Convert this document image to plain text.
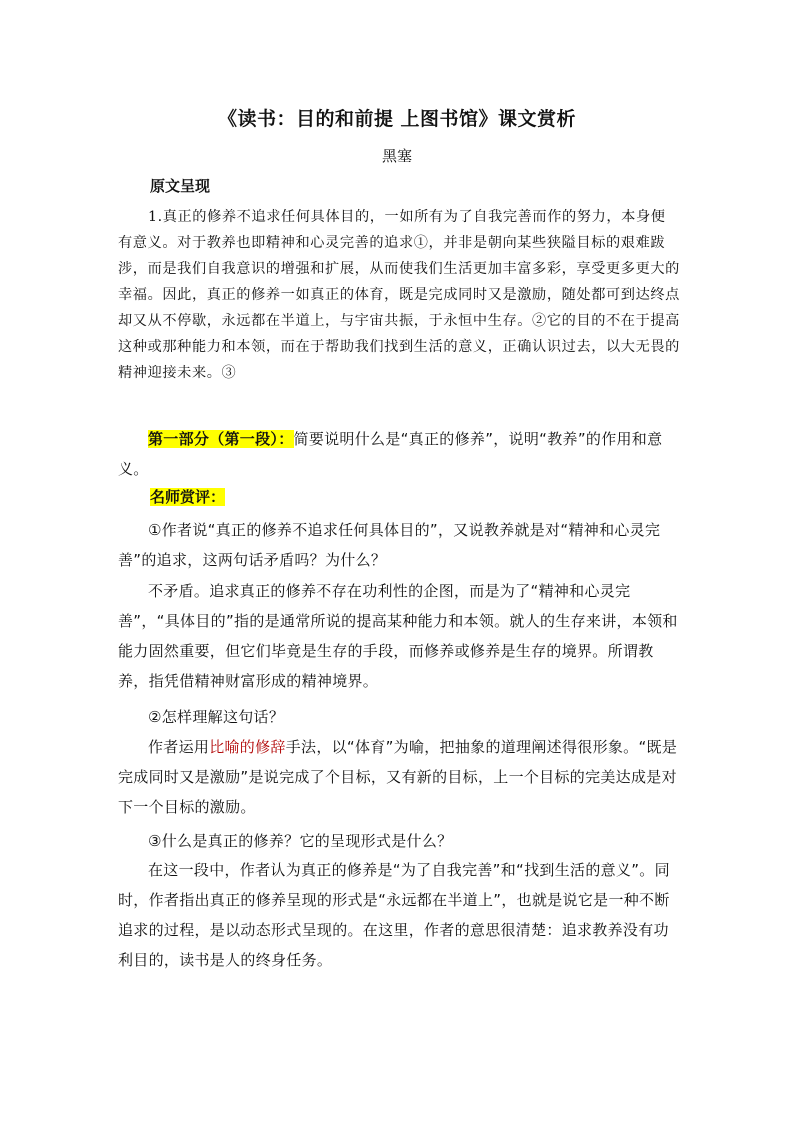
《读书：目的和前提 上图书馆》课文赏析
黑塞
原文呈现
1.真正的修养不追求任何具体目的，一如所有为了自我完善而作的努力，本身便有意义。对于教养也即精神和心灵完善的追求①，并非是朝向某些狭隘目标的艰难跋涉，而是我们自我意识的增强和扩展，从而使我们生活更加丰富多彩，享受更多更大的幸福。因此，真正的修养一如真正的体育，既是完成同时又是激励，随处都可到达终点却又从不停歇，永远都在半道上，与宇宙共振，于永恒中生存。②它的目的不在于提高这种或那种能力和本领，而在于帮助我们找到生活的意义，正确认识过去，以大无畏的精神迎接未来。③
第一部分（第一段）：简要说明什么是“真正的修养”，说明“教养”的作用和意义。
名师赏评：
①作者说“真正的修养不追求任何具体目的”，又说教养就是对“精神和心灵完善”的追求，这两句话矛盾吗？为什么？
不矛盾。追求真正的修养不存在功利性的企图，而是为了“精神和心灵完善”，“具体目的”指的是通常所说的提高某种能力和本领。就人的生存来讲，本领和能力固然重要，但它们毕竟是生存的手段，而修养或修养是生存的境界。所谓教养，指凭借精神财富形成的精神境界。
②怎样理解这句话？
作者运用比喻的修辞手法，以“体育”为喻，把抽象的道理阐述得很形象。“既是完成同时又是激励”是说完成了个目标，又有新的目标，上一个目标的完美达成是对下一个目标的激励。
③什么是真正的修养？它的呈现形式是什么？
在这一段中，作者认为真正的修养是“为了自我完善”和“找到生活的意义”。同时，作者指出真正的修养呈现的形式是“永远都在半道上”，也就是说它是一种不断追求的过程，是以动态形式呈现的。在这里，作者的意思很清楚：追求教养没有功利目的，读书是人的终身任务。
